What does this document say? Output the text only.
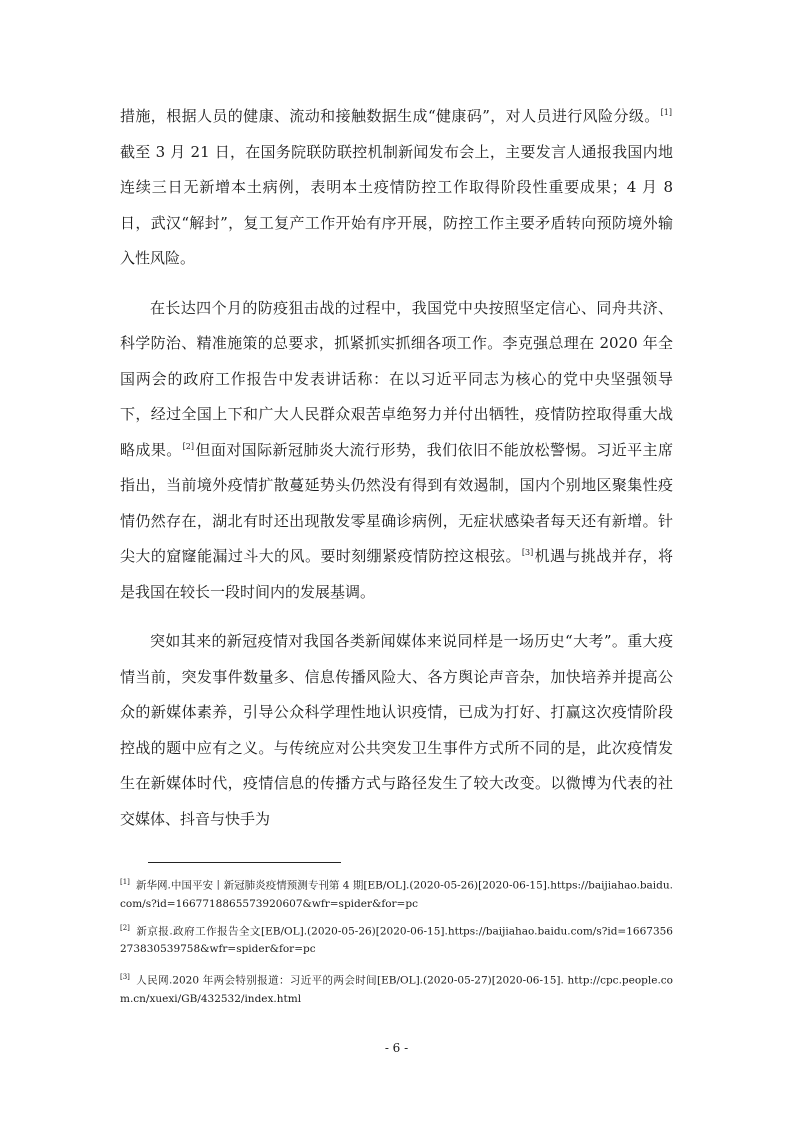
措施，根据人员的健康、流动和接触数据生成“健康码”，对人员进行风险分级。[1]截至 3 月 21 日，在国务院联防联控机制新闻发布会上，主要发言人通报我国内地连续三日无新增本土病例，表明本土疫情防控工作取得阶段性重要成果；4 月 8 日，武汉“解封”，复工复产工作开始有序开展，防控工作主要矛盾转向预防境外输入性风险。

在长达四个月的防疫狙击战的过程中，我国党中央按照坚定信心、同舟共济、科学防治、精准施策的总要求，抓紧抓实抓细各项工作。李克强总理在 2020 年全国两会的政府工作报告中发表讲话称：在以习近平同志为核心的党中央坚强领导下，经过全国上下和广大人民群众艰苦卓绝努力并付出牺牲，疫情防控取得重大战略成果。[2]但面对国际新冠肺炎大流行形势，我们依旧不能放松警惕。习近平主席指出，当前境外疫情扩散蔓延势头仍然没有得到有效遏制，国内个别地区聚集性疫情仍然存在，湖北有时还出现散发零星确诊病例，无症状感染者每天还有新增。针尖大的窟窿能漏过斗大的风。要时刻绷紧疫情防控这根弦。[3]机遇与挑战并存，将是我国在较长一段时间内的发展基调。

突如其来的新冠疫情对我国各类新闻媒体来说同样是一场历史“大考”。重大疫情当前，突发事件数量多、信息传播风险大、各方舆论声音杂，加快培养并提高公众的新媒体素养，引导公众科学理性地认识疫情，已成为打好、打赢这次疫情阶段控战的题中应有之义。与传统应对公共突发卫生事件方式所不同的是，此次疫情发生在新媒体时代，疫情信息的传播方式与路径发生了较大改变。以微博为代表的社交媒体、抖音与快手为

[1] 新华网.中国平安丨新冠肺炎疫情预测专刊第 4 期[EB/OL].(2020-05-26)[2020-06-15].https://baijiahao.baidu.com/s?id=1667718865573920607&wfr=spider&for=pc
[2] 新京报.政府工作报告全文[EB/OL].(2020-05-26)[2020-06-15].https://baijiahao.baidu.com/s?id=1667356273830539758&wfr=spider&for=pc
[3] 人民网.2020 年两会特别报道：习近平的两会时间[EB/OL].(2020-05-27)[2020-06-15]. http://cpc.people.com.cn/xuexi/GB/432532/index.html
- 6 -
